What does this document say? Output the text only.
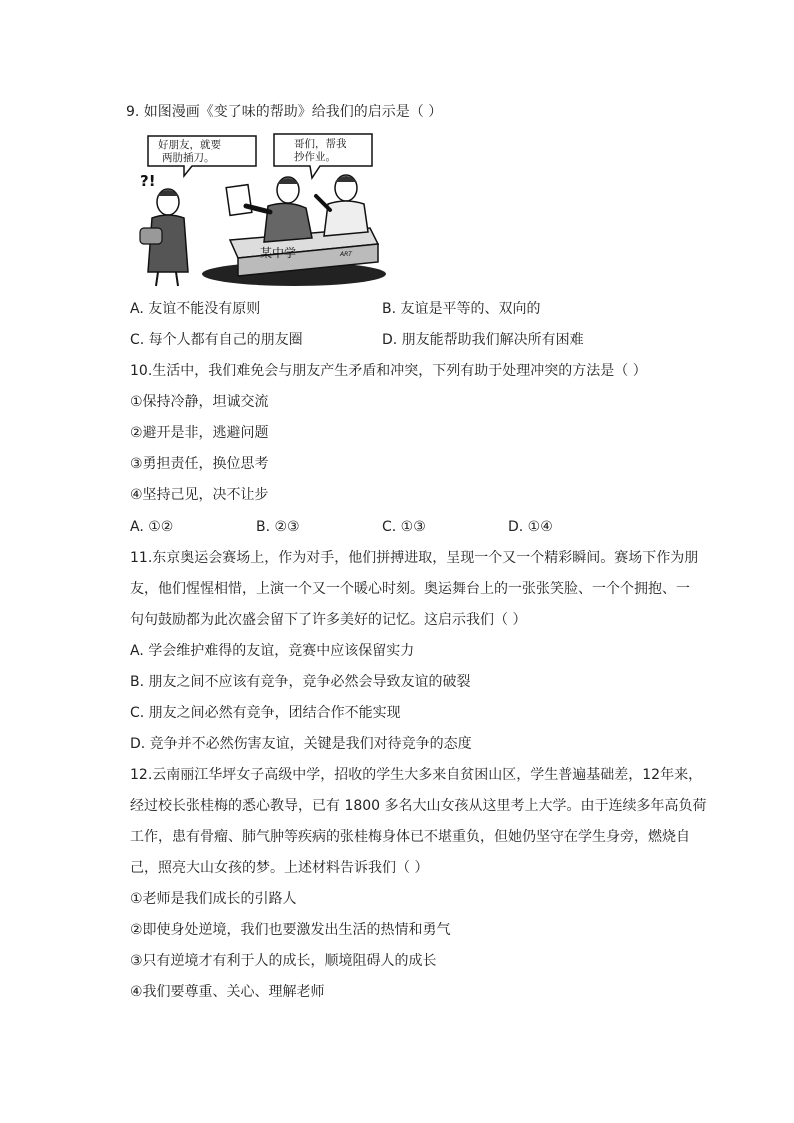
9. 如图漫画《变了味的帮助》给我们的启示是（ ）
好朋友，就要
两肋插刀。
哥们，帮我
抄作业。
?!
某中学	ART
A. 友谊不能没有原则	B. 友谊是平等的、双向的
C. 每个人都有自己的朋友圈	D. 朋友能帮助我们解决所有困难
10.生活中，我们难免会与朋友产生矛盾和冲突，下列有助于处理冲突的方法是（ ）
①保持冷静，坦诚交流
②避开是非，逃避问题
③勇担责任，换位思考
④坚持己见，决不让步
A. ①②	B. ②③	C. ①③	D. ①④
11.东京奥运会赛场上，作为对手，他们拼搏进取，呈现一个又一个精彩瞬间。赛场下作为朋
友，他们惺惺相惜，上演一个又一个暖心时刻。奥运舞台上的一张张笑脸、一个个拥抱、一
句句鼓励都为此次盛会留下了许多美好的记忆。这启示我们（ ）
A. 学会维护难得的友谊，竞赛中应该保留实力
B. 朋友之间不应该有竞争，竞争必然会导致友谊的破裂
C. 朋友之间必然有竞争，团结合作不能实现
D. 竞争并不必然伤害友谊，关键是我们对待竞争的态度
12.云南丽江华坪女子高级中学，招收的学生大多来自贫困山区，学生普遍基础差，12年来，
经过校长张桂梅的悉心教导，已有 1800 多名大山女孩从这里考上大学。由于连续多年高负荷
工作，患有骨瘤、肺气肿等疾病的张桂梅身体已不堪重负，但她仍坚守在学生身旁，燃烧自
己，照亮大山女孩的梦。上述材料告诉我们（ ）
①老师是我们成长的引路人
②即使身处逆境，我们也要激发出生活的热情和勇气
③只有逆境才有利于人的成长，顺境阻碍人的成长
④我们要尊重、关心、理解老师
